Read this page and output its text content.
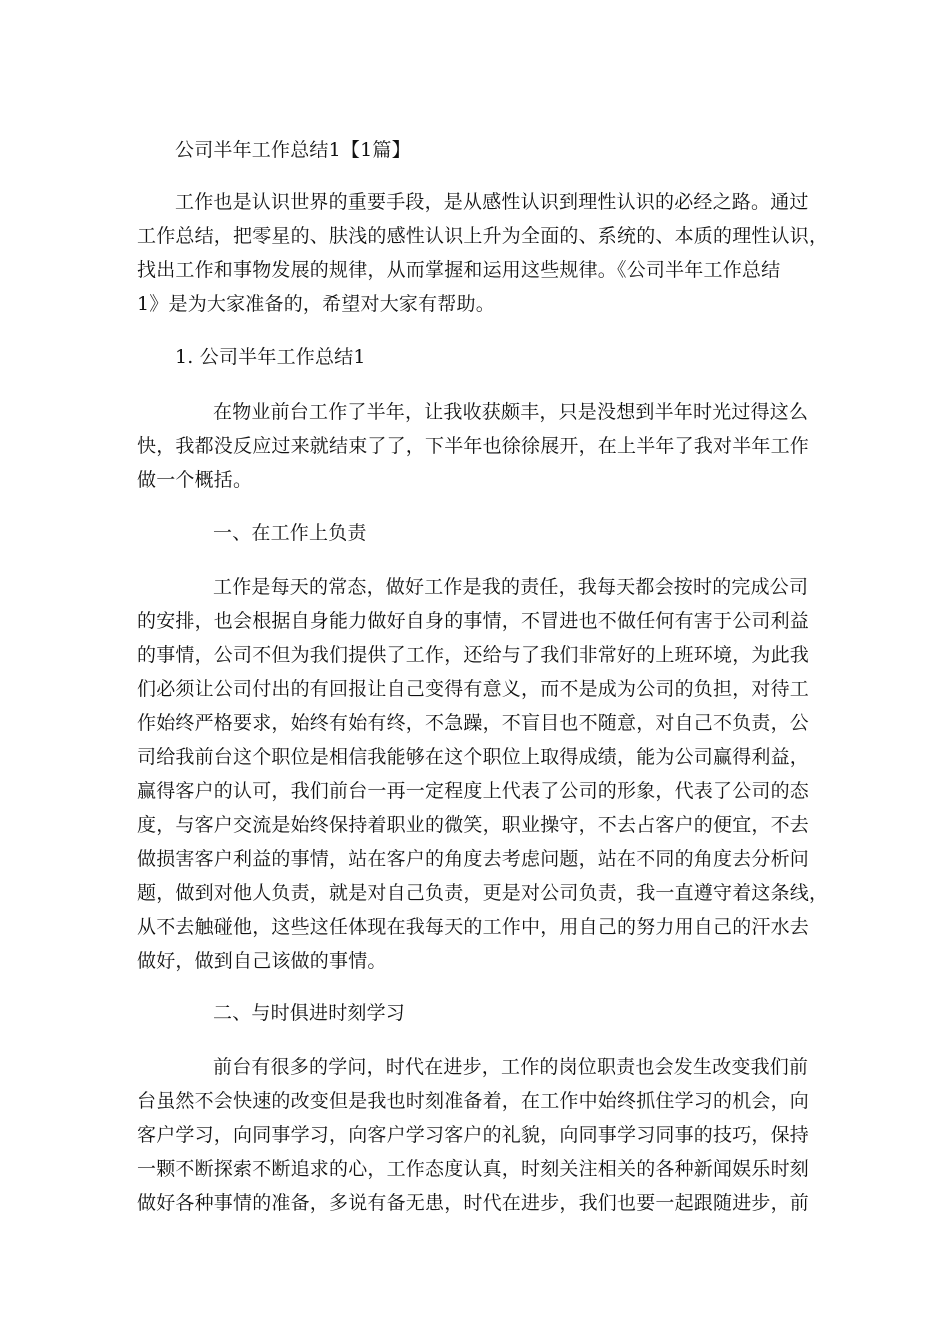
公司半年工作总结1【1篇】
工作也是认识世界的重要手段，是从感性认识到理性认识的必经之路。通过
工作总结，把零星的、肤浅的感性认识上升为全面的、系统的、本质的理性认识，
找出工作和事物发展的规律，从而掌握和运用这些规律。《公司半年工作总结
1》是为大家准备的，希望对大家有帮助。
1. 公司半年工作总结1
在物业前台工作了半年，让我收获颇丰，只是没想到半年时光过得这么
快，我都没反应过来就结束了了，下半年也徐徐展开，在上半年了我对半年工作
做一个概括。
一、在工作上负责
工作是每天的常态，做好工作是我的责任，我每天都会按时的完成公司
的安排，也会根据自身能力做好自身的事情，不冒进也不做任何有害于公司利益
的事情，公司不但为我们提供了工作，还给与了我们非常好的上班环境，为此我
们必须让公司付出的有回报让自己变得有意义，而不是成为公司的负担，对待工
作始终严格要求，始终有始有终，不急躁，不盲目也不随意，对自己不负责，公
司给我前台这个职位是相信我能够在这个职位上取得成绩，能为公司赢得利益，
赢得客户的认可，我们前台一再一定程度上代表了公司的形象，代表了公司的态
度，与客户交流是始终保持着职业的微笑，职业操守，不去占客户的便宜，不去
做损害客户利益的事情，站在客户的角度去考虑问题，站在不同的角度去分析问
题，做到对他人负责，就是对自己负责，更是对公司负责，我一直遵守着这条线，
从不去触碰他，这些这任体现在我每天的工作中，用自己的努力用自己的汗水去
做好，做到自己该做的事情。
二、与时俱进时刻学习
前台有很多的学问，时代在进步，工作的岗位职责也会发生改变我们前
台虽然不会快速的改变但是我也时刻准备着，在工作中始终抓住学习的机会，向
客户学习，向同事学习，向客户学习客户的礼貌，向同事学习同事的技巧，保持
一颗不断探索不断追求的心，工作态度认真，时刻关注相关的各种新闻娱乐时刻
做好各种事情的准备，多说有备无患，时代在进步，我们也要一起跟随进步，前
